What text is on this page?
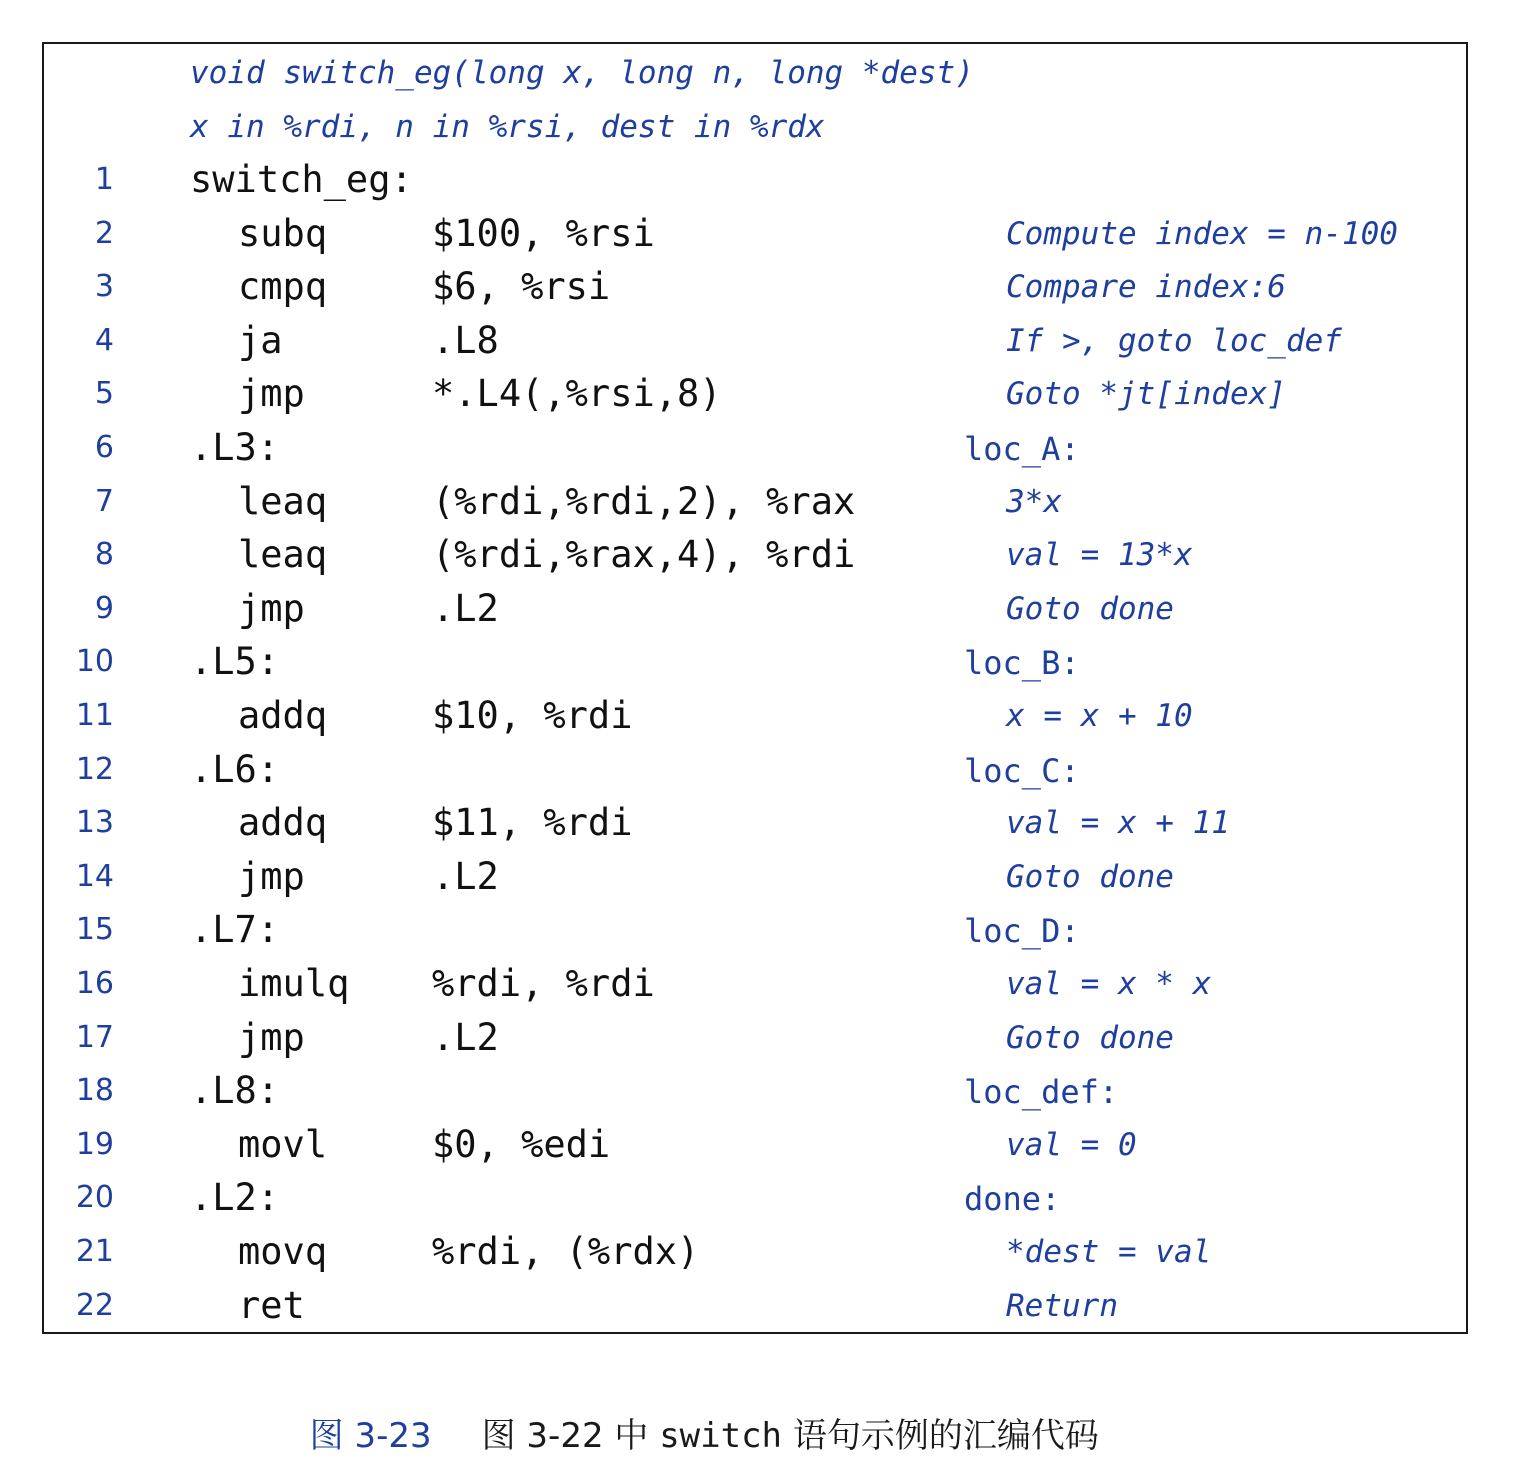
void switch_eg(long x, long n, long *dest)
x in %rdi, n in %rsi, dest in %rdx
1 switch_eg:
2	subq	$100, %rsi	Compute index = n-100
3	cmpq	$6, %rsi	Compare index:6
4	ja	.L8	If >, goto loc_def
5	jmp	*.L4(,%rsi,8)	Goto *jt[index]
6 .L3:	loc_A:
7	leaq	(%rdi,%rdi,2), %rax	3*x
8	leaq	(%rdi,%rax,4), %rdi	val = 13*x
9	jmp	.L2	Goto done
10 .L5:	loc_B:
11	addq	$10, %rdi	x = x + 10
12 .L6:	loc_C:
13	addq	$11, %rdi	val = x + 11
14	jmp	.L2	Goto done
15 .L7:	loc_D:
16	imulq %rdi, %rdi	val = x * x
17	jmp	.L2	Goto done
18 .L8:	loc_def:
19	movl	$0, %edi	val = 0
20 .L2:	done:
21	movq	%rdi, (%rdx)	*dest = val
22	ret	Return

图 3-23 图 3-22 中 switch 语句示例的汇编代码
